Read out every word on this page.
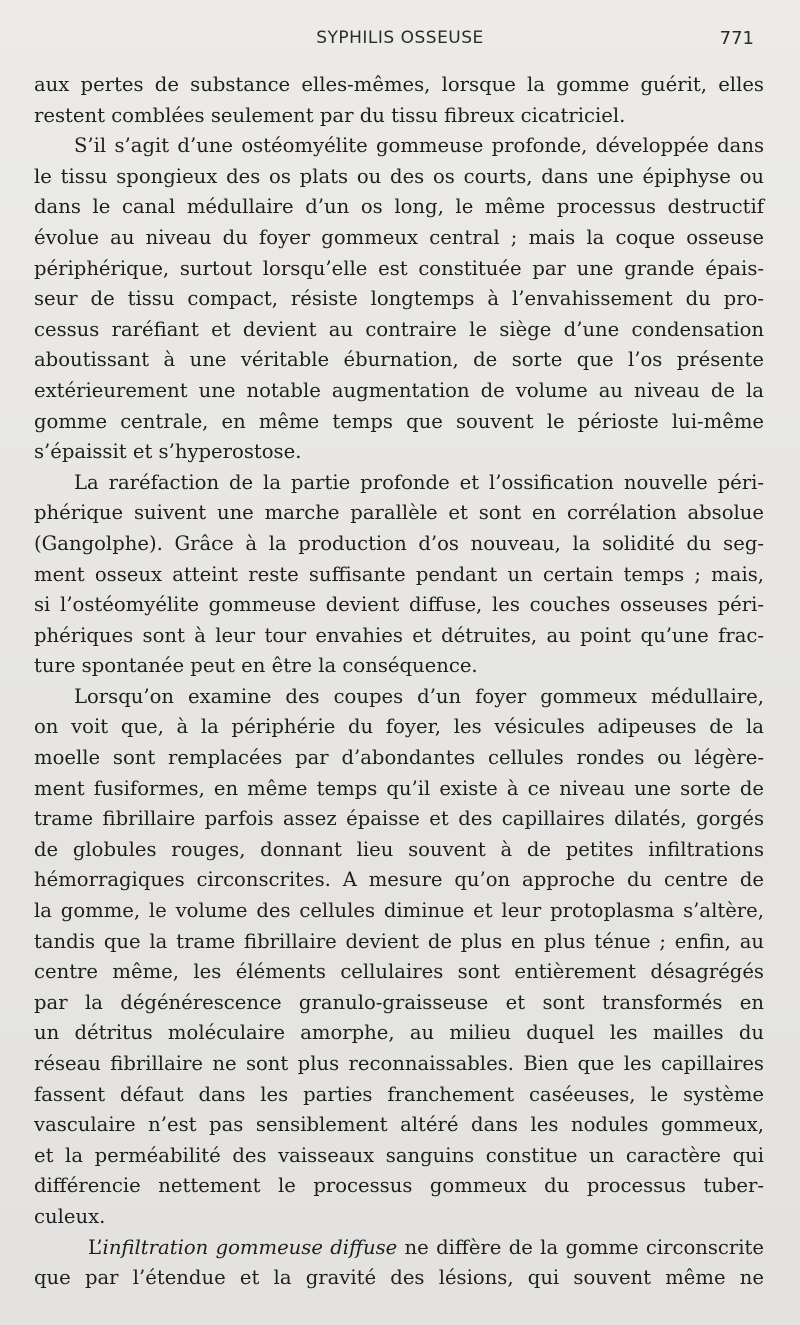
SYPHILIS OSSEUSE	771
aux pertes de substance elles-mêmes, lorsque la gomme guérit, elles
restent comblées seulement par du tissu fibreux cicatriciel.
S’il s’agit d’une ostéomyélite gommeuse profonde, développée dans
le tissu spongieux des os plats ou des os courts, dans une épiphyse ou
dans le canal médullaire d’un os long, le même processus destructif
évolue au niveau du foyer gommeux central ; mais la coque osseuse
périphérique, surtout lorsqu’elle est constituée par une grande épais-
seur de tissu compact, résiste longtemps à l’envahissement du pro-
cessus raréfiant et devient au contraire le siège d’une condensation
aboutissant à une véritable éburnation, de sorte que l’os présente
extérieurement une notable augmentation de volume au niveau de la
gomme centrale, en même temps que souvent le périoste lui-même
s’épaissit et s’hyperostose.
La raréfaction de la partie profonde et l’ossification nouvelle péri-
phérique suivent une marche parallèle et sont en corrélation absolue
(Gangolphe). Grâce à la production d’os nouveau, la solidité du seg-
ment osseux atteint reste suffisante pendant un certain temps ; mais,
si l’ostéomyélite gommeuse devient diffuse, les couches osseuses péri-
phériques sont à leur tour envahies et détruites, au point qu’une frac-
ture spontanée peut en être la conséquence.
Lorsqu’on examine des coupes d’un foyer gommeux médullaire,
on voit que, à la périphérie du foyer, les vésicules adipeuses de la
moelle sont remplacées par d’abondantes cellules rondes ou légère-
ment fusiformes, en même temps qu’il existe à ce niveau une sorte de
trame fibrillaire parfois assez épaisse et des capillaires dilatés, gorgés
de globules rouges, donnant lieu souvent à de petites infiltrations
hémorragiques circonscrites. A mesure qu’on approche du centre de
la gomme, le volume des cellules diminue et leur protoplasma s’altère,
tandis que la trame fibrillaire devient de plus en plus ténue ; enfin, au
centre même, les éléments cellulaires sont entièrement désagrégés
par la dégénérescence granulo-graisseuse et sont transformés en
un détritus moléculaire amorphe, au milieu duquel les mailles du
réseau fibrillaire ne sont plus reconnaissables. Bien que les capillaires
fassent défaut dans les parties franchement caséeuses, le système
vasculaire n’est pas sensiblement altéré dans les nodules gommeux,
et la perméabilité des vaisseaux sanguins constitue un caractère qui
différencie nettement le processus gommeux du processus tuber-
culeux.
L’infiltration gommeuse diffuse ne diffère de la gomme circonscrite
que par l’étendue et la gravité des lésions, qui souvent même ne
